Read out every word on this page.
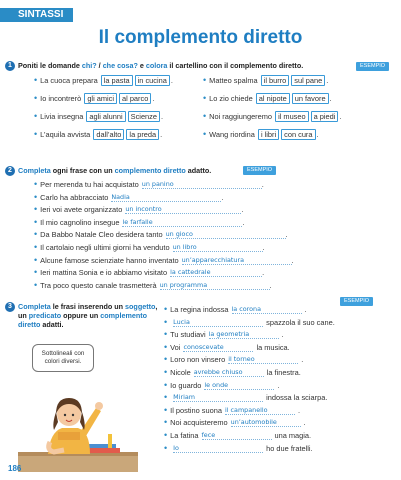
SINTASSI
Il complemento diretto
1 Poniti le domande chi? / che cosa? e colora il cartellino con il complemento diretto.	ESEMPIO
• La cuoca prepara la pasta in cucina .
• Io incontrerò gli amici al parco .
• Livia insegna agli alunni Scienze .
• L’aquila avvista dall’alto la preda .
• Matteo spalma il burro sul pane .
• Lo zio chiede al nipote un favore .
• Noi raggiungeremo il museo a piedi .
• Wang riordina i libri con cura .
2 Completa ogni frase con un complemento diretto adatto.	ESEMPIO
• Per merenda tu hai acquistato un panino	.
• Carlo ha abbracciato Nadia	.
• Ieri voi avete organizzato un incontro	.
• Il mio cagnolino insegue le farfalle	.
• Da Babbo Natale Cleo desidera tanto un gioco	.
• Il cartolaio negli ultimi giorni ha venduto un libro	.
• Alcune famose scienziate hanno inventato un’apparecchiatura	.
• Ieri mattina Sonia e io abbiamo visitato la cattedrale	.
• Tra poco questo canale trasmetterà un programma	.
3 Completa le frasi inserendo un soggetto, un predicato oppure un complemento diretto adatti.
ESEMPIO
Sottolineali con
colori diversi.
• La regina indossa la corona	.
• Lucia	spazzola il suo cane.
• Tu studiavi la geometria	.
• Voi conoscevate	la musica.
• Loro non vinsero il torneo	.
• Nicole avrebbe chiuso	la finestra.
• Io guardo le onde	.
• Miriam	indossa la sciarpa.
• Il postino suona il campanello	.
• Noi acquisteremo un’automobile	.
• La fatina fece	una magia.
• Io	ho due fratelli.
186
